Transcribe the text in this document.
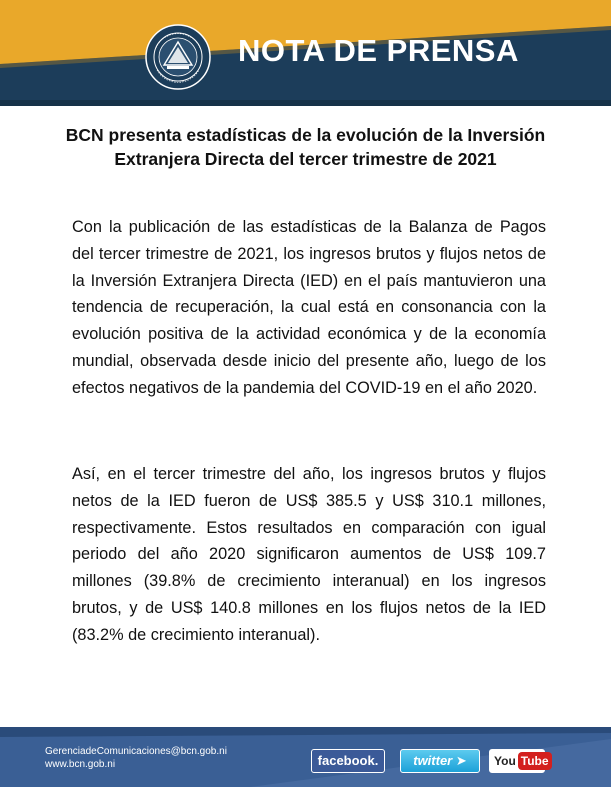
NOTA DE PRENSA
BCN presenta estadísticas de la evolución de la Inversión Extranjera Directa del tercer trimestre de 2021

Con la publicación de las estadísticas de la Balanza de Pagos del tercer trimestre de 2021, los ingresos brutos y flujos netos de la Inversión Extranjera Directa (IED) en el país mantuvieron una tendencia de recuperación, la cual está en consonancia con la evolución positiva de la actividad económica y de la economía mundial, observada desde inicio del presente año, luego de los efectos negativos de la pandemia del COVID-19 en el año 2020.

Así, en el tercer trimestre del año, los ingresos brutos y flujos netos de la IED fueron de US$ 385.5 y US$ 310.1 millones, respectivamente. Estos resultados en comparación con igual periodo del año 2020 significaron aumentos de US$ 109.7 millones (39.8% de crecimiento interanual) en los ingresos brutos, y de US$ 140.8 millones en los flujos netos de la IED (83.2% de crecimiento interanual).

GerenciadeComunicaciones@bcn.gob.ni
www.bcn.gob.ni	facebook.	twitter ➤	You Tube
